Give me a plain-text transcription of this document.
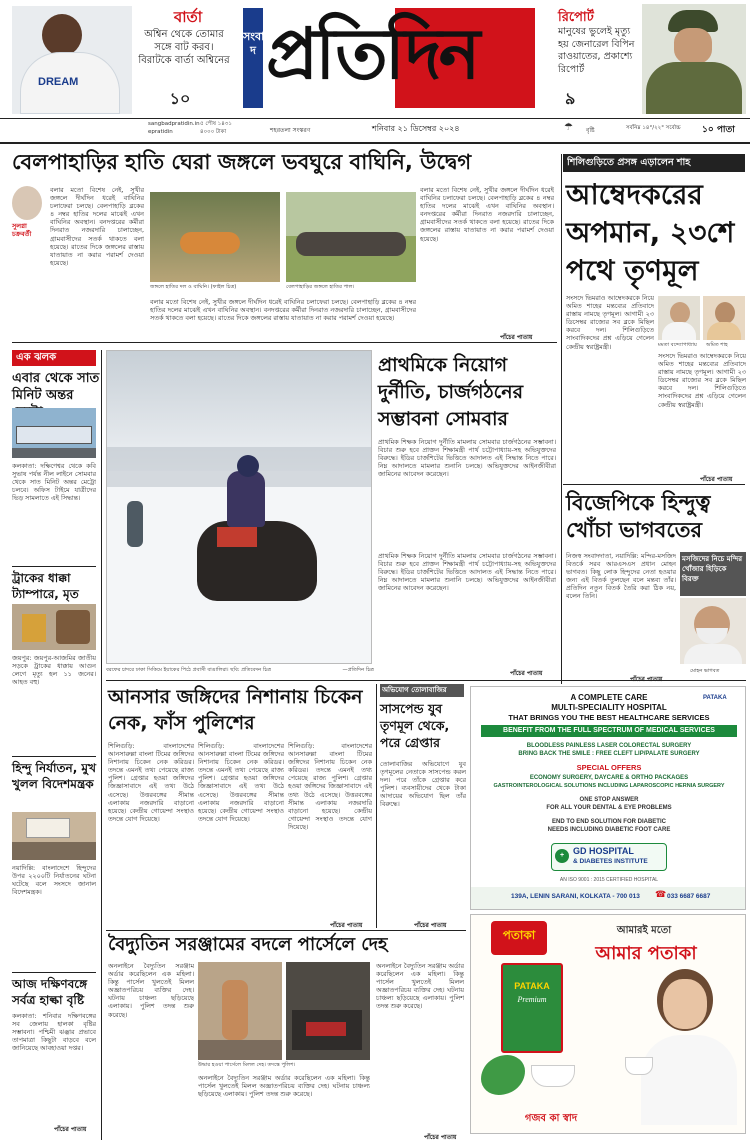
DREAM
বার্তা
অশ্বিন থেকে তোমার সঙ্গে বাট করব। বিরাটকে বার্তা অশ্বিনের
১০
সংবাদ প্রতিদিন	রিপোর্ট
মানুষের ভুলেই মৃত্যু হয় জেনারেল বিপিন রাওয়াতের, প্রকাশ্যে রিপোর্ট
৯
sangbadpratidin.in
epratidin
৫ পৌষ ১৪৩১
৪০০০ টাকা	শহরতলা সংস্করণ	শনিবার ২১ ডিসেম্বর ২০২৪	☂ বৃষ্টি	সর্বনিম্ন ১৪°/২২° সর্বোচ্চ ১০ পাতা
বেলপাহাড়ির হাতি ঘেরা জঙ্গলে ভবঘুরে বাঘিনি, উদ্বেগ
সুলগ্না চক্রবর্তী
বলার মতো বিশেষ নেই, সুখীর জঙ্গলে দীর্ঘদিন ধরেই বাঘিনির চলাফেরা চলছে। বেলপাহাড়ি ব্লকের ৪ নম্বর হাতির দলের মাঝেই এখন বাঘিনির অবস্থান। বনদপ্তরের কর্মীরা দিনরাত নজরদারি চালাচ্ছেন, গ্রামবাসীদের সতর্ক থাকতে বলা হয়েছে। রাতের দিকে জঙ্গলের রাস্তায় যাতায়াত না করার পরামর্শ দেওয়া হয়েছে।
জঙ্গলে হাতির দল ও বাঘিনি। (ফাইল চিত্র)	বেলপাহাড়ির জঙ্গলে হাতির পাল।
বলার মতো বিশেষ নেই, সুখীর জঙ্গলে দীর্ঘদিন ধরেই বাঘিনির চলাফেরা চলছে। বেলপাহাড়ি ব্লকের ৪ নম্বর হাতির দলের মাঝেই এখন বাঘিনির অবস্থান। বনদপ্তরের কর্মীরা দিনরাত নজরদারি চালাচ্ছেন, গ্রামবাসীদের সতর্ক থাকতে বলা হয়েছে। রাতের দিকে জঙ্গলের রাস্তায় যাতায়াত না করার পরামর্শ দেওয়া হয়েছে।
বলার মতো বিশেষ নেই, সুখীর জঙ্গলে দীর্ঘদিন ধরেই বাঘিনির চলাফেরা চলছে। বেলপাহাড়ি ব্লকের ৪ নম্বর হাতির দলের মাঝেই এখন বাঘিনির অবস্থান। বনদপ্তরের কর্মীরা দিনরাত নজরদারি চালাচ্ছেন, গ্রামবাসীদের সতর্ক থাকতে বলা হয়েছে। রাতের দিকে জঙ্গলের রাস্তায় যাতায়াত না করার পরামর্শ দেওয়া হয়েছে।
পাঁচের পাতায়
শিলিগুড়িতে প্রসঙ্গ এড়ালেন শাহ
আম্বেদকরের অপমান, ২৩শে পথে তৃণমূল
সংসদে ভিমরাও আম্বেদকরকে নিয়ে অমিত শাহের মন্তব্যের প্রতিবাদে রাস্তায় নামছে তৃণমূল। আগামী ২৩ ডিসেম্বর রাজ্যের সব ব্লকে মিছিল করবে দল। শিলিগুড়িতে সাংবাদিকদের প্রশ্ন এড়িয়ে গেলেন কেন্দ্রীয় স্বরাষ্ট্রমন্ত্রী।	মমতা বন্দ্যোপাধ্যায়	অমিত শাহ
সংসদে ভিমরাও আম্বেদকরকে নিয়ে অমিত শাহের মন্তব্যের প্রতিবাদে রাস্তায় নামছে তৃণমূল। আগামী ২৩ ডিসেম্বর রাজ্যের সব ব্লকে মিছিল করবে দল। শিলিগুড়িতে সাংবাদিকদের প্রশ্ন এড়িয়ে গেলেন কেন্দ্রীয় স্বরাষ্ট্রমন্ত্রী।
পাঁচের পাতায়
এক ঝলক
এবার থেকে সাত মিনিট অন্তর
কলকাতা: দক্ষিণেশ্বর থেকে কবি সুভাষ পর্যন্ত নীল লাইনে সোমবার থেকে সাত মিনিট অন্তর মেট্রো চলবে। অফিস টাইমে যাত্রীদের ভিড় সামলাতে এই সিদ্ধান্ত।
ট্রাকের ধাক্কা ট্যাম্পারে, মৃত
জয়পুর: জয়পুর-আজমির জাতীয় সড়কে ট্রাকের ধাক্কায় আগুন লেগে মৃত্যু হল ১১ জনের। আহত বহু।
হিন্দু নির্যাতন, মুখ খুলল বিদেশমন্ত্রক
নয়াদিল্লি: বাংলাদেশে হিন্দুদের উপর ২২০০টি নির্যাতনের ঘটনা ঘটেছে বলে সংসদে জানাল বিদেশমন্ত্রক।
আজ দক্ষিণবঙ্গে সর্বত্র হাল্কা বৃষ্টি
কলকাতা: শনিবার দক্ষিণবঙ্গের সব জেলায় হালকা বৃষ্টির সম্ভাবনা। পশ্চিমী ঝঞ্ঝার প্রভাবে তাপমাত্রা কিছুটা বাড়বে বলে জানিয়েছে আবহাওয়া দপ্তর।
পাঁচের পাতায়
বরফের চাদরে ঢাকা সিকিমে ইয়াকের পিঠে প্রবাসী বাঙালিরা। ছবি: প্রতিবেদন চিত্র	—প্রতিদিন চিত্র
প্রাথমিকে নিয়োগ দুর্নীতি, চার্জগঠনের সম্ভাবনা সোমবার
প্রাথমিক শিক্ষক নিয়োগ দুর্নীতি মামলায় সোমবার চার্জগঠনের সম্ভাবনা। বিচার শুরু হবে প্রাক্তন শিক্ষামন্ত্রী পার্থ চট্টোপাধ্যায়-সহ অভিযুক্তদের বিরুদ্ধে। ইডির চার্জশিটের ভিত্তিতে আদালত এই সিদ্ধান্ত নিতে পারে। নিম্ন আদালতে মামলার শুনানি চলছে। অভিযুক্তদের আইনজীবীরা জামিনের আবেদন করেছেন।
প্রাথমিক শিক্ষক নিয়োগ দুর্নীতি মামলায় সোমবার চার্জগঠনের সম্ভাবনা। বিচার শুরু হবে প্রাক্তন শিক্ষামন্ত্রী পার্থ চট্টোপাধ্যায়-সহ অভিযুক্তদের বিরুদ্ধে। ইডির চার্জশিটের ভিত্তিতে আদালত এই সিদ্ধান্ত নিতে পারে। নিম্ন আদালতে মামলার শুনানি চলছে। অভিযুক্তদের আইনজীবীরা জামিনের আবেদন করেছেন।
পাঁচের পাতায়
বিজেপিকে হিন্দুত্ব খোঁচা ভাগবতের
নিজস্ব সংবাদদাতা, নয়াদিল্লি: মন্দির-মসজিদ বিতর্কে সরব আরএসএস প্রধান মোহন ভাগবত। কিছু লোক হিন্দুদের নেতা হওয়ার জন্য এই বিতর্ক তুলছেন বলে মন্তব্য তাঁর। প্রতিদিন নতুন বিতর্ক তৈরি করা ঠিক নয়, বলেন তিনি।
মসজিদের নিচে মন্দির খোঁজার হিড়িকে বিরক্ত
মোহন ভাগবত
আনসার জঙ্গিদের নিশানায় চিকেন নেক, ফাঁস পুলিশের
শিলিগুড়ি: বাংলাদেশের আনসারুল্লা বাংলা টিমের জঙ্গিদের নিশানায় চিকেন নেক করিডর। তদন্তে এমনই তথ্য পেয়েছে রাজ্য পুলিশ। গ্রেপ্তার হওয়া জঙ্গিদের জিজ্ঞাসাবাদে এই তথ্য উঠে এসেছে। উত্তরবঙ্গের সীমান্ত এলাকায় নজরদারি বাড়ানো হয়েছে। কেন্দ্রীয় গোয়েন্দা সংস্থাও তদন্তে যোগ দিয়েছে।
শিলিগুড়ি: বাংলাদেশের আনসারুল্লা বাংলা টিমের জঙ্গিদের নিশানায় চিকেন নেক করিডর। তদন্তে এমনই তথ্য পেয়েছে রাজ্য পুলিশ। গ্রেপ্তার হওয়া জঙ্গিদের জিজ্ঞাসাবাদে এই তথ্য উঠে এসেছে। উত্তরবঙ্গের সীমান্ত এলাকায় নজরদারি বাড়ানো হয়েছে। কেন্দ্রীয় গোয়েন্দা সংস্থাও তদন্তে যোগ দিয়েছে।
শিলিগুড়ি: বাংলাদেশের আনসারুল্লা বাংলা টিমের জঙ্গিদের নিশানায় চিকেন নেক করিডর। তদন্তে এমনই তথ্য পেয়েছে রাজ্য পুলিশ। গ্রেপ্তার হওয়া জঙ্গিদের জিজ্ঞাসাবাদে এই তথ্য উঠে এসেছে। উত্তরবঙ্গের সীমান্ত এলাকায় নজরদারি বাড়ানো হয়েছে। কেন্দ্রীয় গোয়েন্দা সংস্থাও তদন্তে যোগ দিয়েছে।
পাঁচের পাতায়
অভিযোগ তোলাবাজির
সাসপেন্ড যুব তৃণমূল থেকে, পরে গ্রেপ্তার
তোলাবাজির অভিযোগে যুব তৃণমূলের নেতাকে সাসপেন্ড করল দল। পরে তাঁকে গ্রেপ্তার করে পুলিশ। ব্যবসায়ীদের থেকে টাকা আদায়ের অভিযোগ ছিল তাঁর বিরুদ্ধে।
পাঁচের পাতায়
বৈদ্যুতিন সরঞ্জামের বদলে পার্সেলে দেহ
অনলাইনে বৈদ্যুতিন সরঞ্জাম অর্ডার করেছিলেন এক মহিলা। কিন্তু পার্সেল খুলতেই মিলল অজ্ঞাতপরিচয় ব্যক্তির দেহ। ঘটনায় চাঞ্চল্য ছড়িয়েছে এলাকায়। পুলিশ তদন্ত শুরু করেছে।
উদ্ধার হওয়া পার্সেলে মিলল দেহ। তদন্তে পুলিশ।
অনলাইনে বৈদ্যুতিন সরঞ্জাম অর্ডার করেছিলেন এক মহিলা। কিন্তু পার্সেল খুলতেই মিলল অজ্ঞাতপরিচয় ব্যক্তির দেহ। ঘটনায় চাঞ্চল্য ছড়িয়েছে এলাকায়। পুলিশ তদন্ত শুরু করেছে।
অনলাইনে বৈদ্যুতিন সরঞ্জাম অর্ডার করেছিলেন এক মহিলা। কিন্তু পার্সেল খুলতেই মিলল অজ্ঞাতপরিচয় ব্যক্তির দেহ। ঘটনায় চাঞ্চল্য ছড়িয়েছে এলাকায়। পুলিশ তদন্ত শুরু করেছে।
পাঁচের পাতায়
A COMPLETE CARE
MULTI-SPECIALITY HOSPITAL
THAT BRINGS YOU THE BEST HEALTHCARE SERVICES
PATAKA
BENEFIT FROM THE FULL SPECTRUM OF MEDICAL SERVICES
BLOODLESS PAINLESS LASER COLORECTAL SURGERY
BRING BACK THE SMILE : FREE CLEFT LIP/PALATE SURGERY
SPECIAL OFFERS
ECONOMY SURGERY, DAYCARE & ORTHO PACKAGES
GASTROINTEROLOGICAL SOLUTIONS INCLUDING LAPAROSCOPIC HERNIA SURGERY
ONE STOP ANSWER
FOR ALL YOUR DENTAL & EYE PROBLEMS
END TO END SOLUTION FOR DIABETIC
NEEDS INCLUDING DIABETIC FOOT CARE
+ GD HOSPITAL
& DIABETES INSTITUTE
AN ISO 9001 : 2015 CERTIFIED HOSPITAL
139A, LENIN SARANI, KOLKATA - 700 013 ☎ 033 6687 6687
পতাকা	আমারই মতো
আমার পতাকা
PATAKA
Premium
গজব কা স্বাদ
